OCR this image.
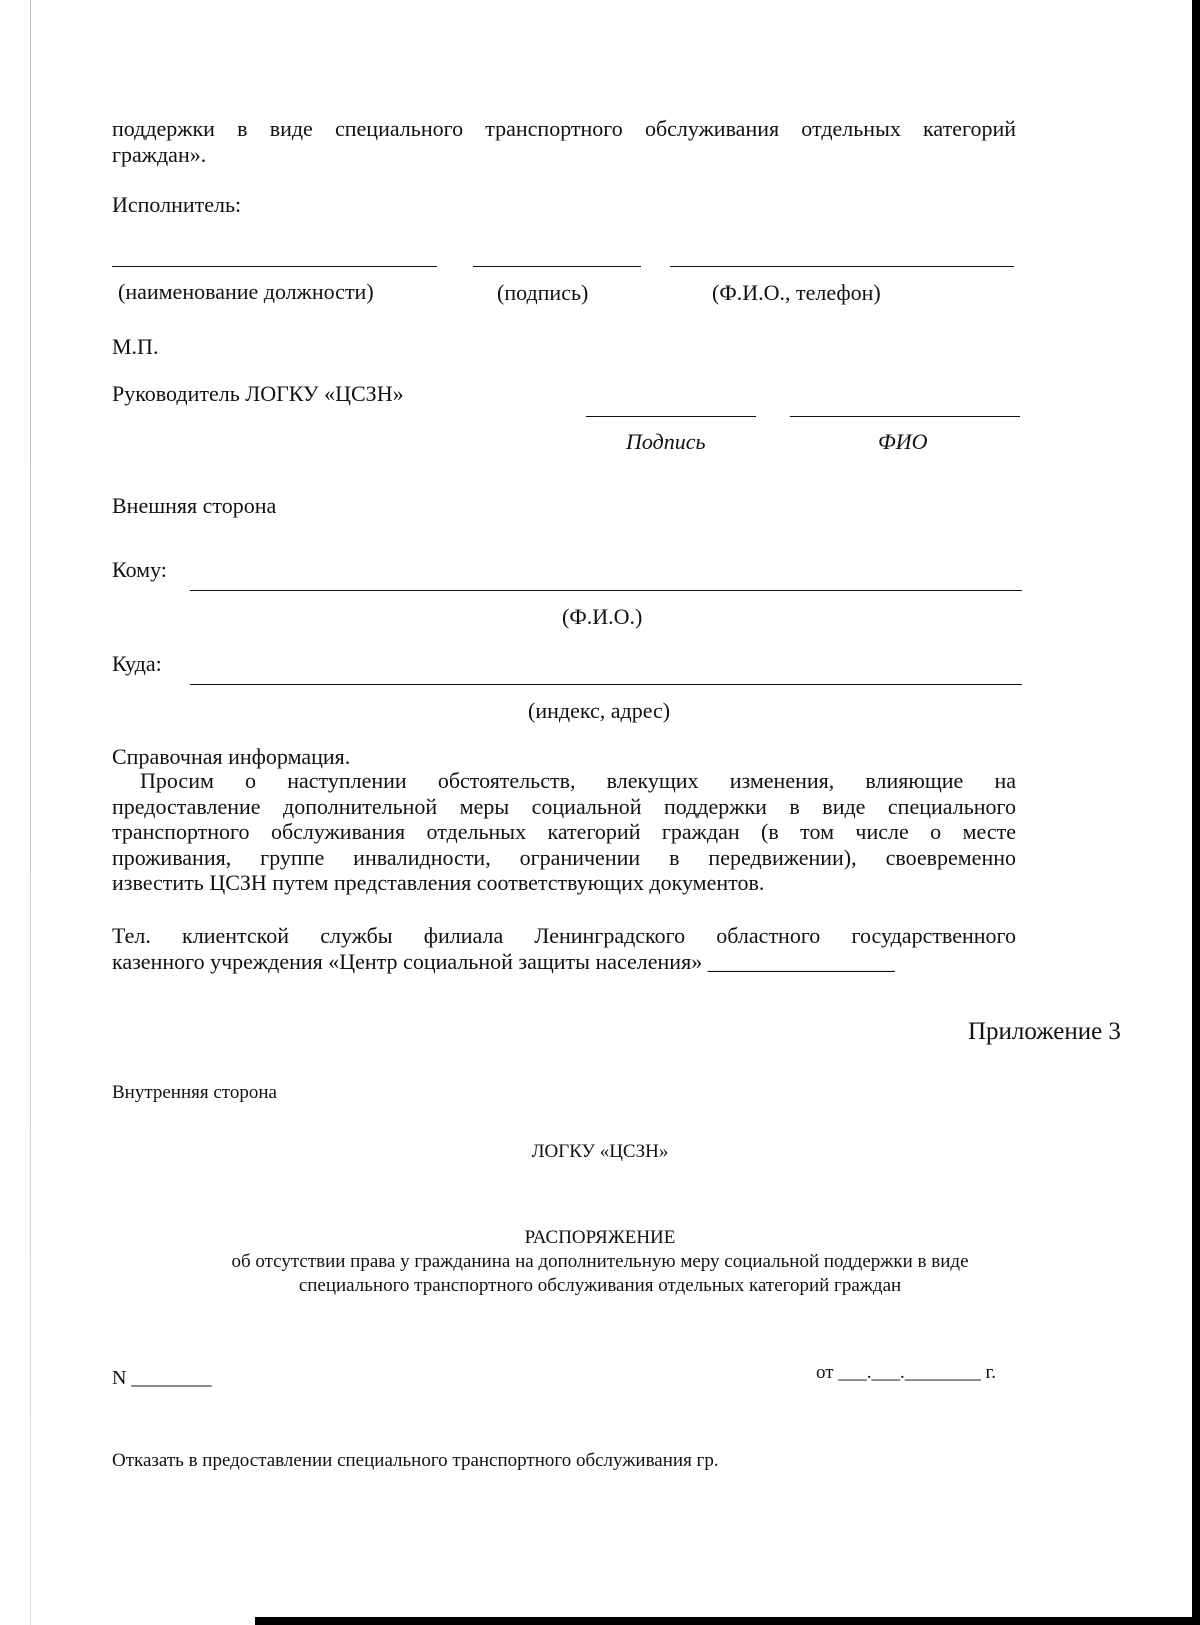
поддержки в виде специального транспортного обслуживания отдельных категорий
граждан».
Исполнитель:
(наименование должности)	(подпись)	(Ф.И.О., телефон)
М.П.
Руководитель ЛОГКУ «ЦСЗН»
Подпись	ФИО
Внешняя сторона
Кому:
(Ф.И.О.)
Куда:
(индекс, адрес)
Справочная информация.
Просим о наступлении обстоятельств, влекущих изменения, влияющие на
предоставление дополнительной меры социальной поддержки в виде специального
транспортного обслуживания отдельных категорий граждан (в том числе о месте
проживания, группе инвалидности, ограничении в передвижении), своевременно
известить ЦСЗН путем представления соответствующих документов.
Тел. клиентской службы филиала Ленинградского областного государственного
казенного учреждения «Центр социальной защиты населения» _________________
Приложение 3
Внутренняя сторона
ЛОГКУ «ЦСЗН»
РАСПОРЯЖЕНИЕ
об отсутствии права у гражданина на дополнительную меру социальной поддержки в виде
специального транспортного обслуживания отдельных категорий граждан
N ________	от ___.___.________ г.
Отказать в предоставлении специального транспортного обслуживания гр.
